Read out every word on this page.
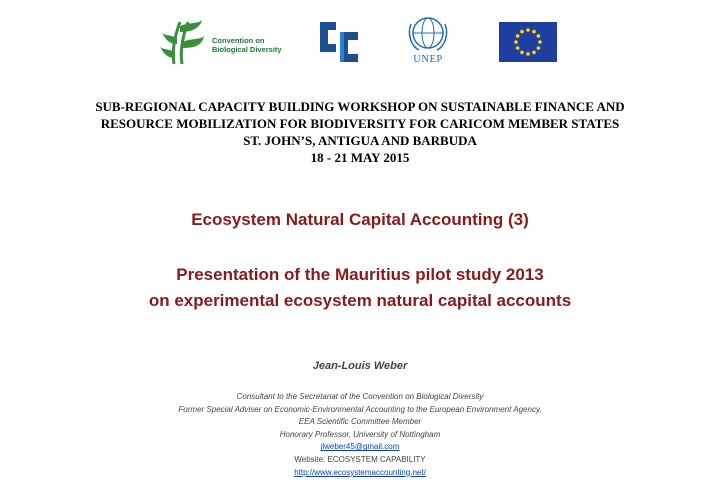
Convention on
Biological Diversity
UNEP
SUB-REGIONAL CAPACITY BUILDING WORKSHOP ON SUSTAINABLE FINANCE AND
RESOURCE MOBILIZATION FOR BIODIVERSITY FOR CARICOM MEMBER STATES
ST. JOHN’S, ANTIGUA AND BARBUDA
18 - 21 MAY 2015
Ecosystem Natural Capital Accounting (3)
Presentation of the Mauritius pilot study 2013
on experimental ecosystem natural capital accounts
Jean-Louis Weber
Consultant to the Secretariat of the Convention on Biological Diversity
Former Special Adviser on Economic-Environmental Accounting to the European Environment Agency,
EEA Scientific Committee Member
Honorary Professor, University of Nottingham
jlweber45@gmail.com
Website: ECOSYSTEM CAPABILITY
http://www.ecosystemaccounting.net/
